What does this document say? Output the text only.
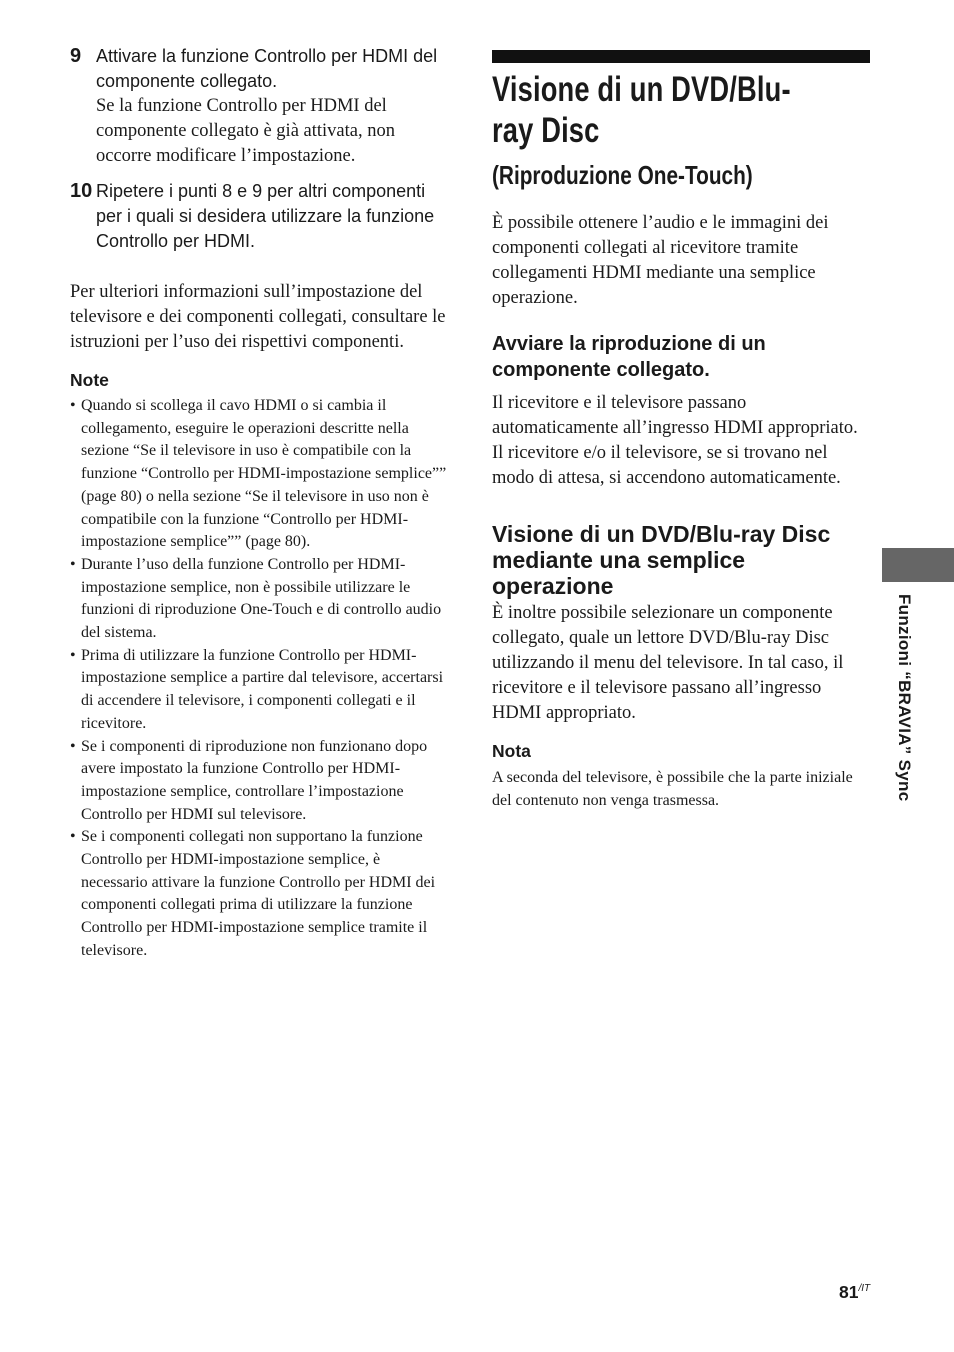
9 Attivare la funzione Controllo per HDMI del componente collegato.
Se la funzione Controllo per HDMI del componente collegato è già attivata, non occorre modificare l’impostazione.
10 Ripetere i punti 8 e 9 per altri componenti per i quali si desidera utilizzare la funzione Controllo per HDMI.

Per ulteriori informazioni sull’impostazione del televisore e dei componenti collegati, consultare le istruzioni per l’uso dei rispettivi componenti.

Note
• Quando si scollega il cavo HDMI o si cambia il collegamento, eseguire le operazioni descritte nella sezione “Se il televisore in uso è compatibile con la funzione “Controllo per HDMI-impostazione semplice”” (page 80) o nella sezione “Se il televisore in uso non è compatibile con la funzione “Controllo per HDMI-impostazione semplice”” (page 80).
• Durante l’uso della funzione Controllo per HDMI-impostazione semplice, non è possibile utilizzare le funzioni di riproduzione One-Touch e di controllo audio del sistema.
• Prima di utilizzare la funzione Controllo per HDMI-impostazione semplice a partire dal televisore, accertarsi di accendere il televisore, i componenti collegati e il ricevitore.
• Se i componenti di riproduzione non funzionano dopo avere impostato la funzione Controllo per HDMI-impostazione semplice, controllare l’impostazione Controllo per HDMI sul televisore.
• Se i componenti collegati non supportano la funzione Controllo per HDMI-impostazione semplice, è necessario attivare la funzione Controllo per HDMI dei componenti collegati prima di utilizzare la funzione Controllo per HDMI-impostazione semplice tramite il televisore.
Visione di un DVD/Blu-
ray Disc
(Riproduzione One-Touch)

È possibile ottenere l’audio e le immagini dei componenti collegati al ricevitore tramite collegamenti HDMI mediante una semplice operazione.

Avviare la riproduzione di un componente collegato.

Il ricevitore e il televisore passano automaticamente all’ingresso HDMI appropriato. Il ricevitore e/o il televisore, se si trovano nel modo di attesa, si accendono automaticamente.

Visione di un DVD/Blu-ray Disc mediante una semplice operazione

È inoltre possibile selezionare un componente collegato, quale un lettore DVD/Blu-ray Disc utilizzando il menu del televisore. In tal caso, il ricevitore e il televisore passano all’ingresso HDMI appropriato.

Nota

A seconda del televisore, è possibile che la parte iniziale del contenuto non venga trasmessa.	Funzioni “BRAVIA” Sync
$81^{/IT}$
